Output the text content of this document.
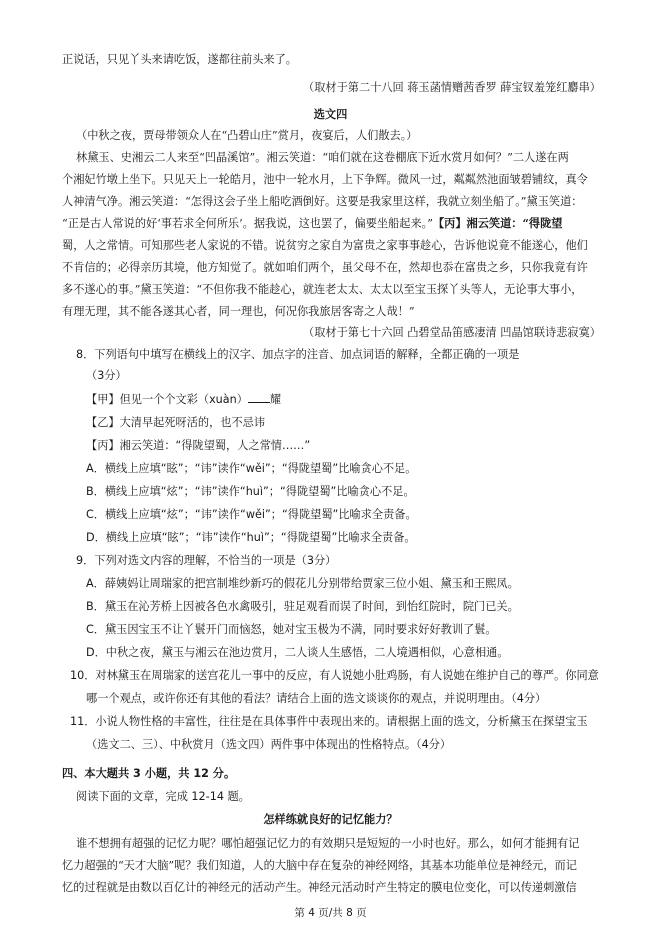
正说话，只见丫头来请吃饭，遂都往前头来了。
（取材于第二十八回 蒋玉菡情赠茜香罗 薛宝钗羞笼红麝串）
选文四
（中秋之夜，贾母带领众人在“凸碧山庄”赏月，夜宴后，人们散去。）
林黛玉、史湘云二人来至“凹晶溪馆”。湘云笑道：“咱们就在这卷棚底下近水赏月如何？”二人遂在两
个湘妃竹墩上坐下。只见天上一轮皓月，池中一轮水月，上下争辉。微风一过，粼粼然池面皱碧铺纹，真令
人神清气净。湘云笑道：“怎得这会子坐上船吃酒倒好。这要是我家里这样，我就立刻坐船了。”黛玉笑道：
“正是古人常说的好‘事若求全何所乐’。据我说，这也罢了，偏要坐船起来。”【丙】湘云笑道：“得陇望
蜀，人之常情。可知那些老人家说的不错。说贫穷之家自为富贵之家事事趁心，告诉他说竟不能遂心，他们
不肯信的；必得亲历其境，他方知觉了。就如咱们两个，虽父母不在，然却也忝在富贵之乡，只你我竟有许
多不遂心的事。”黛玉笑道：“不但你我不能趁心，就连老太太、太太以至宝玉探丫头等人，无论事大事小，
有理无理，其不能各遂其心者，同一理也，何况你我旅居客寄之人哉！”
（取材于第七十六回 凸碧堂品笛感凄清 凹晶馆联诗悲寂寞）
8．下列语句中填写在横线上的汉字、加点字的注音、加点词语的解释，全都正确的一项是
（3分）
【甲】但见一个个文彩（xuàn） 耀
【乙】大清早起死呀活的，也不忌讳
【丙】湘云笑道：“得陇望蜀，人之常情……”
A．横线上应填“眩”；“讳”读作“wěi”；“得陇望蜀”比喻贪心不足。
B．横线上应填“炫”；“讳”读作“huì”；“得陇望蜀”比喻贪心不足。
C．横线上应填“炫”；“讳”读作“wěi”；“得陇望蜀”比喻求全责备。
D．横线上应填“眩”；“讳”读作“huì”；“得陇望蜀”比喻求全责备。
9．下列对选文内容的理解，不恰当的一项是（3分）
A．薛姨妈让周瑞家的把宫制堆纱新巧的假花儿分别带给贾家三位小姐、黛玉和王熙凤。
B．黛玉在沁芳桥上因被各色水禽吸引，驻足观看而误了时间，到怡红院时，院门已关。
C．黛玉因宝玉不让丫鬟开门而恼怒，她对宝玉极为不满，同时要求好好教训了鬟。
D．中秋之夜，黛玉与湘云在池边赏月，二人谈人生感悟，二人境遇相似，心意相通。
10．对林黛玉在周瑞家的送宫花儿一事中的反应，有人说她小肚鸡肠，有人说她在维护自己的尊严。你同意
哪一个观点，或许你还有其他的看法？请结合上面的选文谈谈你的观点，并说明理由。（4分）
11．小说人物性格的丰富性，往往是在具体事件中表现出来的。请根据上面的选文，分析黛玉在探望宝玉
（选文二、三）、中秋赏月（选文四）两件事中体现出的性格特点。（4分）
四、本大题共 3 小题，共 12 分。
阅读下面的文章，完成 12-14 题。
怎样练就良好的记忆能力？
谁不想拥有超强的记忆力呢？哪怕超强记忆力的有效期只是短短的一小时也好。那么，如何才能拥有记
忆力超强的“天才大脑”呢？我们知道，人的大脑中存在复杂的神经网络，其基本功能单位是神经元，而记
忆的过程就是由数以百亿计的神经元的活动产生。神经元活动时产生特定的膜电位变化，可以传递刺激信
第 4 页/共 8 页
